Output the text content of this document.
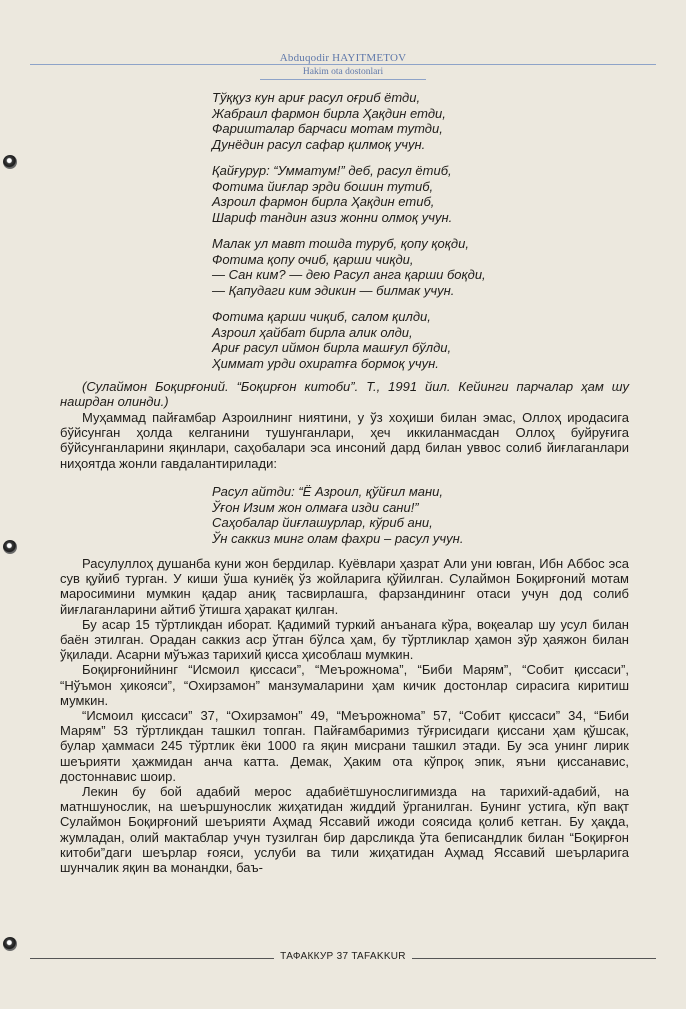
Abduqodir HAYITMETOV
Hakim ota dostonlari
Тўққуз кун ариғ расул оғриб ётди,
Жабраил фармон бирла Ҳақдин етди,
Фаришталар барчаси мотам тутди,
Дунёдин расул сафар қилмоқ учун.
Қайғурур: “Умматум!” деб, расул ётиб,
Фотима йиғлар эрди бошин тутиб,
Азроил фармон бирла Ҳақдин етиб,
Шариф тандин азиз жонни олмоқ учун.
Малак ул мавт тошда туруб, қопу қоқди,
Фотима қопу очиб, қарши чиқди,
— Сан ким? — дею Расул анга қарши боқди,
— Қапудаги ким эдикин — билмак учун.
Фотима қарши чиқиб, салом қилди,
Азроил ҳайбат бирла алик олди,
Ариғ расул иймон бирла машғул бўлди,
Ҳиммат урди охиратға бормоқ учун.

(Сулаймон Боқирғоний. “Боқирғон китоби”. Т., 1991 йил. Кейинги парчалар ҳам шу нашрдан олинди.)

Муҳаммад пайғамбар Азроилнинг ниятини, у ўз хоҳиши билан эмас, Оллоҳ иродасига бўйсунган ҳолда келганини тушунганлари, ҳеч иккиланмасдан Оллоҳ буйруғига бўйсунганларини яқинлари, саҳобалари эса инсоний дард билан уввос солиб йиғлаганлари ниҳоятда жонли гавдалантирилади:

Расул айтди: “Ё Азроил, қўйғил мани,
Ўғон Изим жон олмаға изди сани!”
Саҳобалар йиғлашурлар, кўриб ани,
Ўн саккиз минг олам фахри – расул учун.

Расулуллоҳ душанба куни жон бердилар. Куёвлари ҳазрат Али уни ювган, Ибн Аббос эса сув қуйиб турган. У киши ўша куниёқ ўз жойларига қўйилган. Сулаймон Боқирғоний мотам маросимини мумкин қадар аниқ тасвирлашга, фарзандининг отаси учун дод солиб йиғлаганларини айтиб ўтишга ҳаракат қилган.

Бу асар 15 тўртликдан иборат. Қадимий туркий анъанага кўра, воқеалар шу усул билан баён этилган. Орадан саккиз аср ўтган бўлса ҳам, бу тўртликлар ҳамон зўр ҳаяжон билан ўқилади. Асарни мўъжаз тарихий қисса ҳисоблаш мумкин.

Боқирғонийнинг “Исмоил қиссаси”, “Меърожнома”, “Биби Марям”, “Собит қиссаси”, “Нўъмон ҳикояси”, “Охирзамон” манзумаларини ҳам кичик достонлар сирасига киритиш мумкин.

“Исмоил қиссаси” 37, “Охирзамон” 49, “Меърожнома” 57, “Собит қиссаси” 34, “Биби Марям” 53 тўртликдан ташкил топган. Пайғамбаримиз тўғрисидаги қиссани ҳам қўшсак, булар ҳаммаси 245 тўртлик ёки 1000 га яқин мисрани ташкил этади. Бу эса унинг лирик шеърияти ҳажмидан анча катта. Демак, Ҳаким ота кўпроқ эпик, яъни қиссанавис, достоннавис шоир.

Лекин бу бой адабий мерос адабиётшунослигимизда на тарихий-адабий, на матншунослик, на шеършунослик жиҳатидан жиддий ўрганилган. Бунинг устига, кўп вақт Сулаймон Боқирғоний шеърияти Аҳмад Яссавий ижоди соясида қолиб кетган. Бу ҳақда, жумладан, олий мактаблар учун тузилган бир дарсликда ўта беписандлик билан “Боқирғон китоби”даги шеърлар ғояси, услуби ва тили жиҳатидан Аҳмад Яссавий шеърларига шунчалик яқин ва монандки, баъ-

ТАФАККУР 37 TAFAKKUR
